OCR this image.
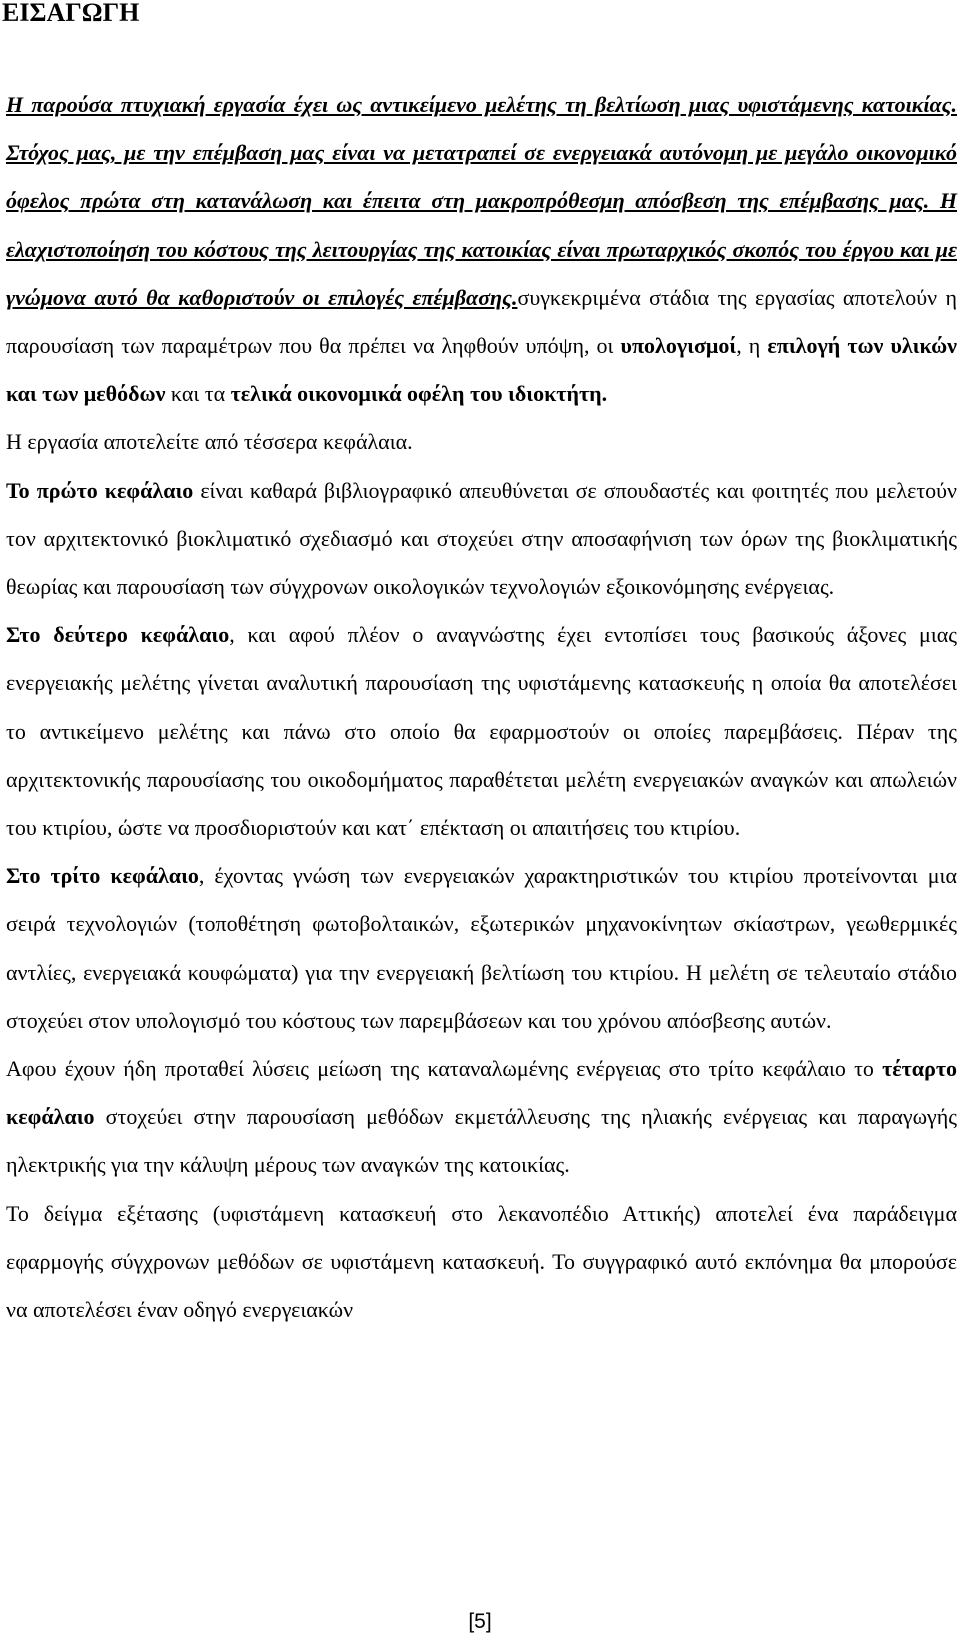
ΕΙΣΑΓΩΓΗ

Η παρούσα πτυχιακή εργασία έχει ως αντικείμενο μελέτης τη βελτίωση μιας υφιστάμενης κατοικίας. Στόχος μας, με την επέμβαση μας είναι να μετατραπεί σε ενεργειακά αυτόνομη με μεγάλο οικονομικό όφελος πρώτα στη κατανάλωση και έπειτα στη μακροπρόθεσμη απόσβεση της επέμβασης μας. Η ελαχιστοποίηση του κόστους της λειτουργίας της κατοικίας είναι πρωταρχικός σκοπός του έργου και με γνώμονα αυτό θα καθοριστούν οι επιλογές επέμβασης.συγκεκριμένα στάδια της εργασίας αποτελούν η παρουσίαση των παραμέτρων που θα πρέπει να ληφθούν υπόψη, οι υπολογισμοί, η επιλογή των υλικών και των μεθόδων και τα τελικά οικονομικά οφέλη του ιδιοκτήτη.

Η εργασία αποτελείτε από τέσσερα κεφάλαια.

Το πρώτο κεφάλαιο είναι καθαρά βιβλιογραφικό απευθύνεται σε σπουδαστές και φοιτητές που μελετούν τον αρχιτεκτονικό βιοκλιματικό σχεδιασμό και στοχεύει στην αποσαφήνιση των όρων της βιοκλιματικής θεωρίας και παρουσίαση των σύγχρονων οικολογικών τεχνολογιών εξοικονόμησης ενέργειας.

Στο δεύτερο κεφάλαιο, και αφού πλέον ο αναγνώστης έχει εντοπίσει τους βασικούς άξονες μιας ενεργειακής μελέτης γίνεται αναλυτική παρουσίαση της υφιστάμενης κατασκευής η οποία θα αποτελέσει το αντικείμενο μελέτης και πάνω στο οποίο θα εφαρμοστούν οι οποίες παρεμβάσεις. Πέραν της αρχιτεκτονικής παρουσίασης του οικοδομήματος παραθέτεται μελέτη ενεργειακών αναγκών και απωλειών του κτιρίου, ώστε να προσδιοριστούν και κατ΄ επέκταση οι απαιτήσεις του κτιρίου.

Στο τρίτο κεφάλαιο, έχοντας γνώση των ενεργειακών χαρακτηριστικών του κτιρίου προτείνονται μια σειρά τεχνολογιών (τοποθέτηση φωτοβολταικών, εξωτερικών μηχανοκίνητων σκίαστρων, γεωθερμικές αντλίες, ενεργειακά κουφώματα) για την ενεργειακή βελτίωση του κτιρίου. Η μελέτη σε τελευταίο στάδιο στοχεύει στον υπολογισμό του κόστους των παρεμβάσεων και του χρόνου απόσβεσης αυτών.

Αφου έχουν ήδη προταθεί λύσεις μείωση της καταναλωμένης ενέργειας στο τρίτο κεφάλαιο το τέταρτο κεφάλαιο στοχεύει στην παρουσίαση μεθόδων εκμετάλλευσης της ηλιακής ενέργειας και παραγωγής ηλεκτρικής για την κάλυψη μέρους των αναγκών της κατοικίας.

Το δείγμα εξέτασης (υφιστάμενη κατασκευή στο λεκανοπέδιο Αττικής) αποτελεί ένα παράδειγμα εφαρμογής σύγχρονων μεθόδων σε υφιστάμενη κατασκευή. Το συγγραφικό αυτό εκπόνημα θα μπορούσε να αποτελέσει έναν οδηγό ενεργειακών

[5]
